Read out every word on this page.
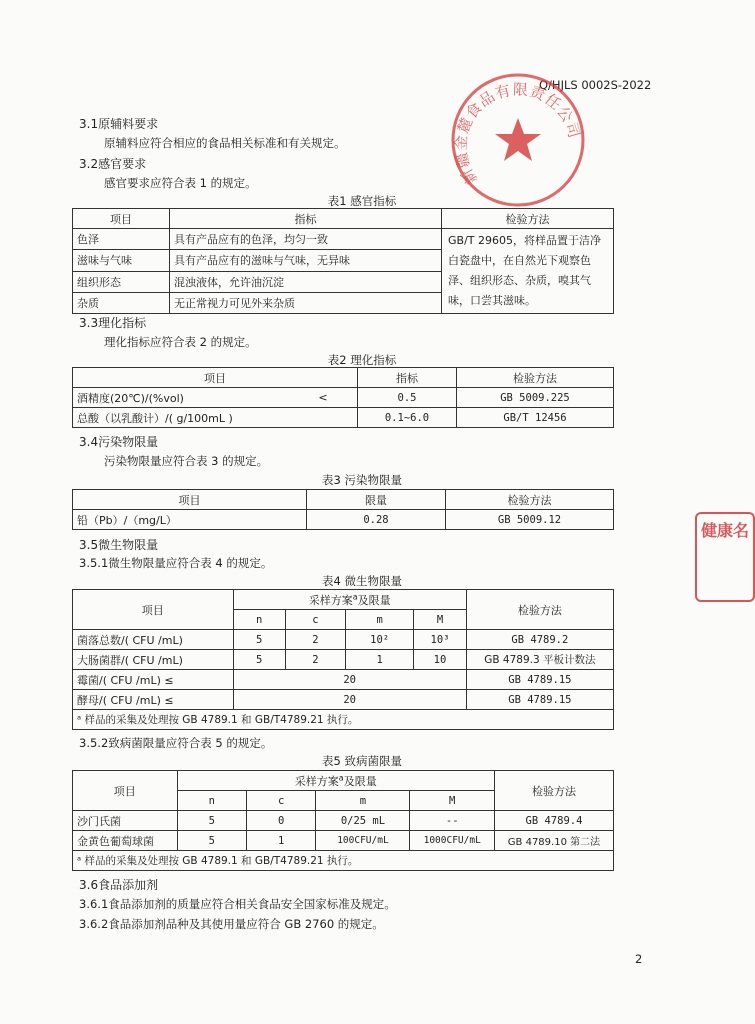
Q/HJLS 0002S-2022
新疆金麓食品有限责任公司
健康名
3.1原辅料要求
原辅料应符合相应的食品相关标准和有关规定。
3.2感官要求
感官要求应符合表 1 的规定。
表1 感官指标
项目	指标	检验方法
色泽	具有产品应有的色泽，均匀一致	GB/T 29605，将样品置于洁净白瓷盘中，在自然光下观察色泽、组织形态、杂质，嗅其气味，口尝其滋味。
滋味与气味	具有产品应有的滋味与气味，无异味	
组织形态	混浊液体，允许油沉淀	
杂质	无正常视力可见外来杂质	
3.3理化指标
理化指标应符合表 2 的规定。
表2 理化指标
项目		指标	检验方法
酒精度(20℃)/(%vol)	<	0.5	GB 5009.225
总酸（以乳酸计）/( g/100mL )		0.1~6.0	GB/T 12456
3.4污染物限量
污染物限量应符合表 3 的规定。
表3 污染物限量
项目	限量	检验方法
铅（Pb）/（mg/L）	0.28	GB 5009.12
3.5微生物限量
3.5.1微生物限量应符合表 4 的规定。
表4 微生物限量
项目	采样方案$^a$及限量				检验方法
	n	c	m	M	
菌落总数/( CFU /mL)	5	2	10²	10³	GB 4789.2
大肠菌群/( CFU /mL)	5	2	1	10	GB 4789.3 平板计数法
霉菌/( CFU /mL) ≤	20				GB 4789.15
酵母/( CFU /mL) ≤	20				GB 4789.15
ᵃ 样品的采集及处理按 GB 4789.1 和 GB/T4789.21 执行。					
3.5.2致病菌限量应符合表 5 的规定。
表5 致病菌限量
项目	采样方案$^a$及限量				检验方法
	n	c	m	M	
沙门氏菌	5	0	0/25 mL	--	GB 4789.4
金黄色葡萄球菌	5	1	100CFU/mL	1000CFU/mL	GB 4789.10 第二法
ᵃ 样品的采集及处理按 GB 4789.1 和 GB/T4789.21 执行。					
3.6食品添加剂
3.6.1食品添加剂的质量应符合相关食品安全国家标准及规定。
3.6.2食品添加剂品种及其使用量应符合 GB 2760 的规定。
2
